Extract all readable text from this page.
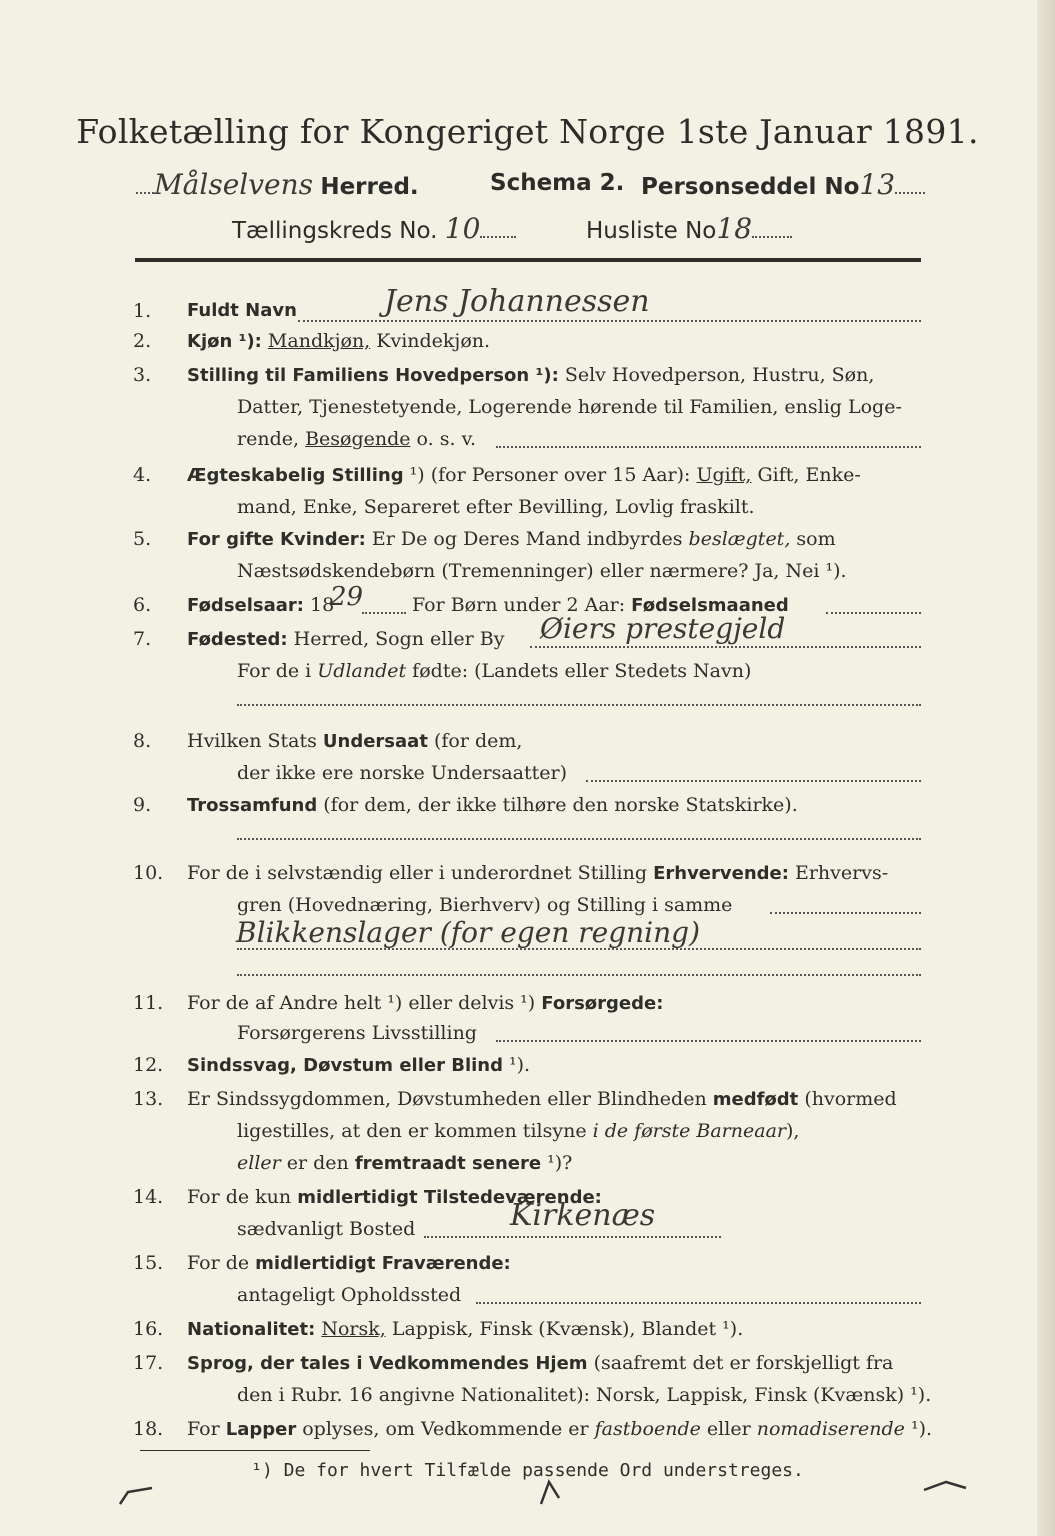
Folketælling for Kongeriget Norge 1ste Januar 1891.
Målselvens Herred.	Schema 2. Personseddel No13
Tællingskreds No. 10	Husliste No18
1.	Fuldt Navn	Jens Johannessen
2.	Kjøn ¹): Mandkjøn, Kvindekjøn.
3.	Stilling til Familiens Hovedperson ¹): Selv Hovedperson, Hustru, Søn,
Datter, Tjenestetyende, Logerende hørende til Familien, enslig Loge-
rende, Besøgende o. s. v.
4.	Ægteskabelig Stilling ¹) (for Personer over 15 Aar): Ugift, Gift, Enke-
mand, Enke, Separeret efter Bevilling, Lovlig fraskilt.
5.	For gifte Kvinder: Er De og Deres Mand indbyrdes beslægtet, som
Næstsødskendebørn (Tremenninger) eller nærmere? Ja, Nei ¹).
6.	Fødselsaar: 18
29	For Børn under 2 Aar: Fødselsmaaned
7.	Fødested: Herred, Sogn eller By Øiers prestegjeld
For de i Udlandet fødte: (Landets eller Stedets Navn)
8.	Hvilken Stats Undersaat (for dem,
der ikke ere norske Undersaatter)
9.	Trossamfund (for dem, der ikke tilhøre den norske Statskirke).
10.	For de i selvstændig eller i underordnet Stilling Erhvervende: Erhvervs-
gren (Hovednæring, Bierhverv) og Stilling i samme
Blikkenslager (for egen regning)
11.	For de af Andre helt ¹) eller delvis ¹) Forsørgede:
Forsørgerens Livsstilling
12.	Sindssvag, Døvstum eller Blind ¹).
13.	Er Sindssygdommen, Døvstumheden eller Blindheden medfødt (hvormed
ligestilles, at den er kommen tilsyne i de første Barneaar),
eller er den fremtraadt senere ¹)?
14.	For de kun midlertidigt Tilstedeværende:
sædvanligt Bosted	Kirkenæs
15.	For de midlertidigt Fraværende:
antageligt Opholdssted
16.	Nationalitet: Norsk, Lappisk, Finsk (Kvænsk), Blandet ¹).
17.	Sprog, der tales i Vedkommendes Hjem (saafremt det er forskjelligt fra
den i Rubr. 16 angivne Nationalitet): Norsk, Lappisk, Finsk (Kvænsk) ¹).
18.	For Lapper oplyses, om Vedkommende er fastboende eller nomadiserende ¹).
¹) De for hvert Tilfælde passende Ord understreges.
